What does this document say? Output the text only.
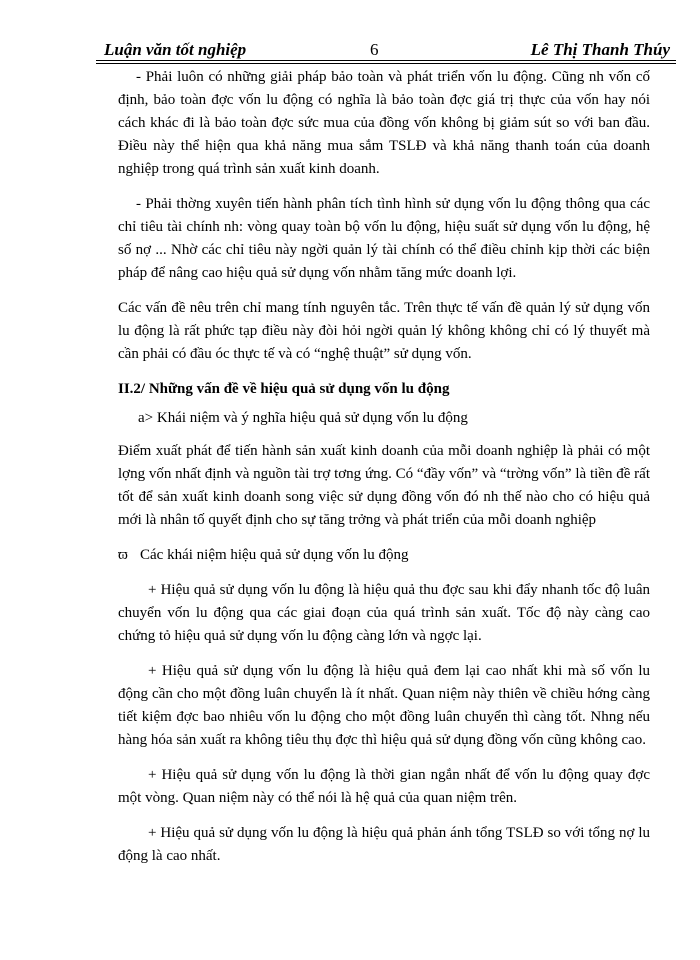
Luận văn tốt nghiệp	6	Lê Thị Thanh Thúy

- Phải luôn có những giải pháp bảo toàn và phát triển vốn lu động. Cũng nh vốn cố định, bảo toàn đợc vốn lu động có nghĩa là bảo toàn đợc giá trị thực của vốn hay nói cách khác đi là bảo toàn đợc sức mua của đồng vốn không bị giảm sút so với ban đầu. Điều này thể hiện qua khả năng mua sắm TSLĐ và khả năng thanh toán của doanh nghiệp trong quá trình sản xuất kinh doanh.

- Phải thờng xuyên tiến hành phân tích tình hình sử dụng vốn lu động thông qua các chỉ tiêu tài chính nh: vòng quay toàn bộ vốn lu động, hiệu suất sử dụng vốn lu động, hệ số nợ ... Nhờ các chỉ tiêu này ngời quản lý tài chính có thể điều chỉnh kịp thời các biện pháp để nâng cao hiệu quả sử dụng vốn nhằm tăng mức doanh lợi.

Các vấn đề nêu trên chỉ mang tính nguyên tắc. Trên thực tế vấn đề quản lý sử dụng vốn lu động là rất phức tạp điều này đòi hỏi ngời quản lý không không chỉ có lý thuyết mà cần phải có đầu óc thực tế và có “nghệ thuật” sử dụng vốn.

II.2/ Những vấn đề về hiệu quả sử dụng vốn lu động

a> Khái niệm và ý nghĩa hiệu quả sử dụng vốn lu động

Điểm xuất phát để tiến hành sản xuất kinh doanh của mỗi doanh nghiệp là phải có một lợng vốn nhất định và nguồn tài trợ tơng ứng. Có “đầy vốn” và “trờng vốn” là tiền đề rất tốt để sản xuất kinh doanh song việc sử dụng đồng vốn đó nh thế nào cho có hiệu quả mới là nhân tố quyết định cho sự tăng trởng và phát triển của mỗi doanh nghiệp

ϖ Các khái niệm hiệu quả sử dụng vốn lu động

+ Hiệu quả sử dụng vốn lu động là hiệu quả thu đợc sau khi đẩy nhanh tốc độ luân chuyển vốn lu động qua các giai đoạn của quá trình sản xuất. Tốc độ này càng cao chứng tỏ hiệu quả sử dụng vốn lu động càng lớn và ngợc lại.

+ Hiệu quả sử dụng vốn lu động là hiệu quả đem lại cao nhất khi mà số vốn lu động cần cho một đồng luân chuyển là ít nhất. Quan niệm này thiên về chiều hớng càng tiết kiệm đợc bao nhiêu vốn lu động cho một đồng luân chuyển thì càng tốt. Nhng nếu hàng hóa sản xuất ra không tiêu thụ đợc thì hiệu quả sử dụng đồng vốn cũng không cao.

+ Hiệu quả sử dụng vốn lu động là thời gian ngắn nhất để vốn lu động quay đợc một vòng. Quan niệm này có thể nói là hệ quả của quan niệm trên.

+ Hiệu quả sử dụng vốn lu động là hiệu quả phản ánh tổng TSLĐ so với tổng nợ lu động là cao nhất.
